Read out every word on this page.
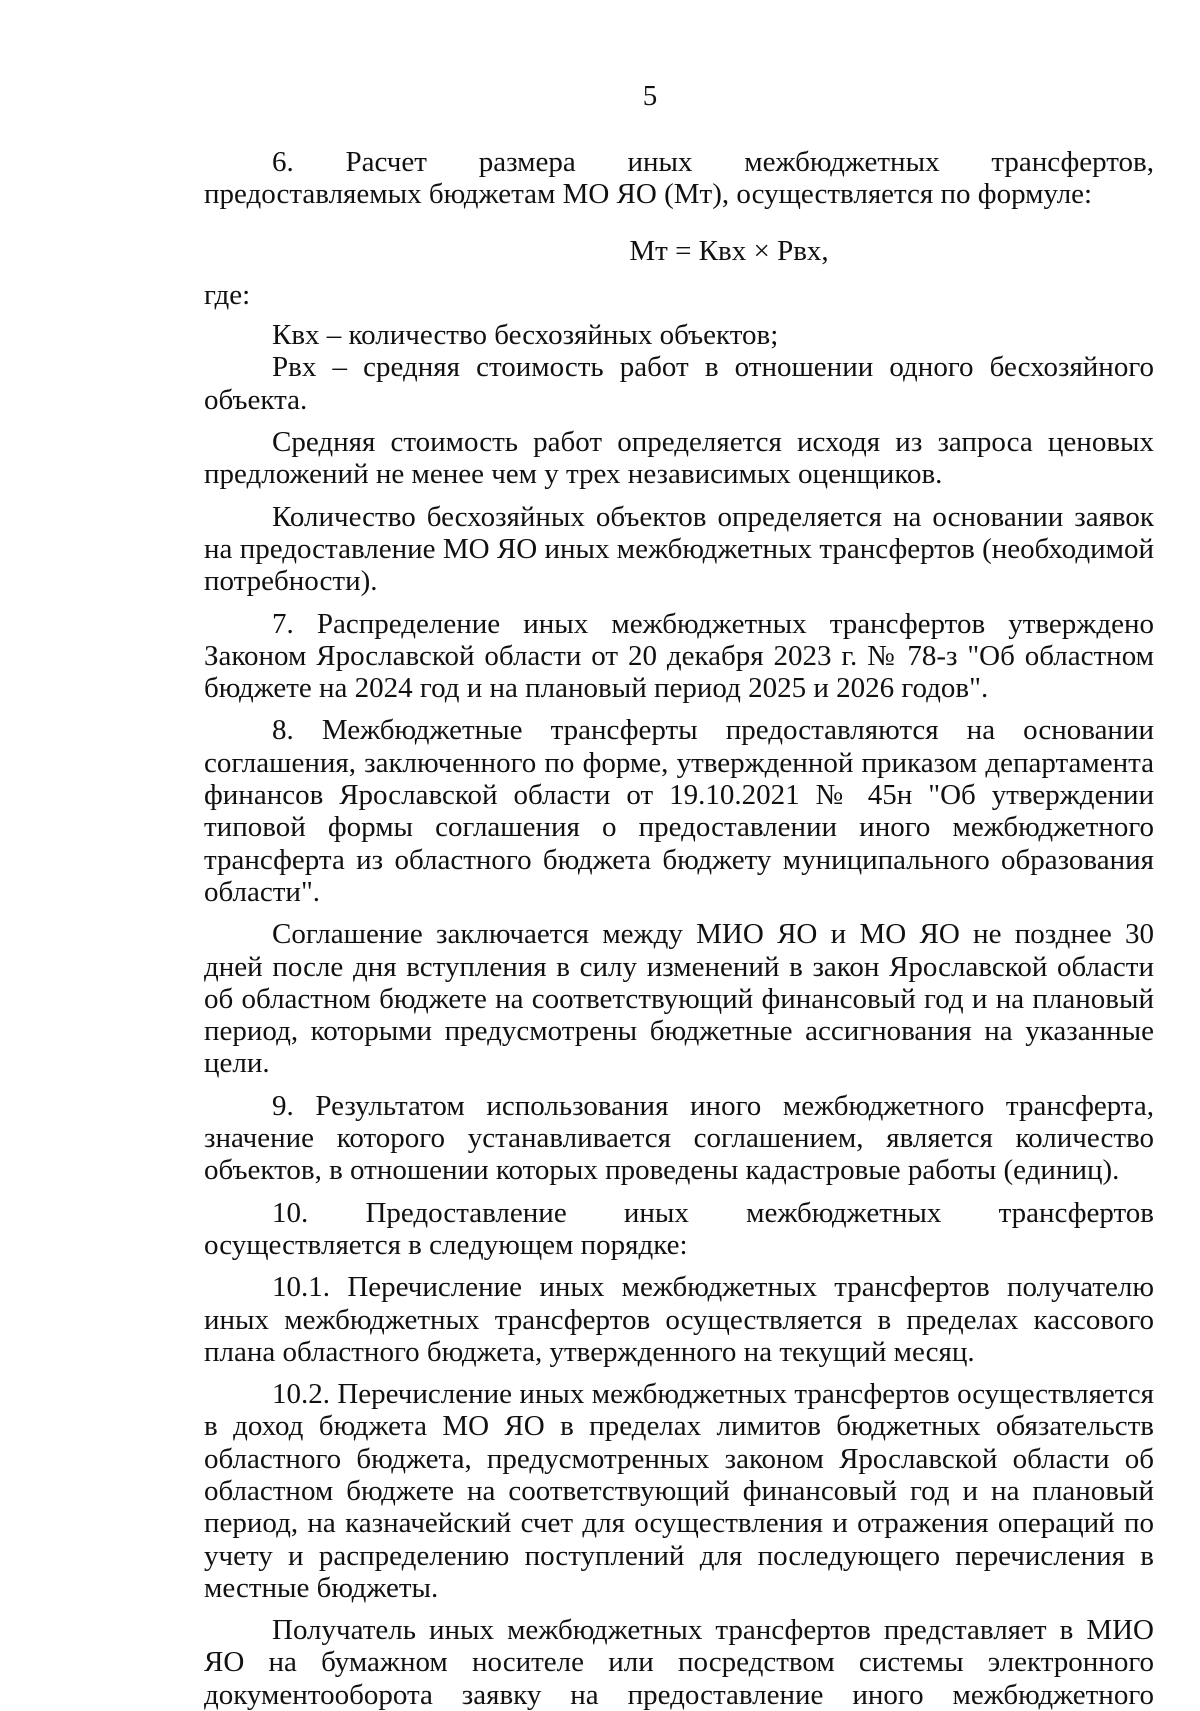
5

6. Расчет размера иных межбюджетных трансфертов, предоставляемых бюджетам МО ЯО (Мт), осуществляется по формуле:

Мт = Квх × Рвх,

где:

Квх – количество бесхозяйных объектов;

Рвх – средняя стоимость работ в отношении одного бесхозяйного объекта.

Средняя стоимость работ определяется исходя из запроса ценовых предложений не менее чем у трех независимых оценщиков.

Количество бесхозяйных объектов определяется на основании заявок на предоставление МО ЯО иных межбюджетных трансфертов (необходимой потребности).

7. Распределение иных межбюджетных трансфертов утверждено Законом Ярославской области от 20 декабря 2023 г. № 78-з "Об областном бюджете на 2024 год и на плановый период 2025 и 2026 годов".

8. Межбюджетные трансферты предоставляются на основании соглашения, заключенного по форме, утвержденной приказом департамента финансов Ярославской области от 19.10.2021 № 45н "Об утверждении типовой формы соглашения о предоставлении иного межбюджетного трансферта из областного бюджета бюджету муниципального образования области".

Соглашение заключается между МИО ЯО и МО ЯО не позднее 30 дней после дня вступления в силу изменений в закон Ярославской области об областном бюджете на соответствующий финансовый год и на плановый период, которыми предусмотрены бюджетные ассигнования на указанные цели.

9. Результатом использования иного межбюджетного трансферта, значение которого устанавливается соглашением, является количество объектов, в отношении которых проведены кадастровые работы (единиц).

10. Предоставление иных межбюджетных трансфертов осуществляется в следующем порядке:

10.1. Перечисление иных межбюджетных трансфертов получателю иных межбюджетных трансфертов осуществляется в пределах кассового плана областного бюджета, утвержденного на текущий месяц.

10.2. Перечисление иных межбюджетных трансфертов осуществляется в доход бюджета МО ЯО в пределах лимитов бюджетных обязательств областного бюджета, предусмотренных законом Ярославской области об областном бюджете на соответствующий финансовый год и на плановый период, на казначейский счет для осуществления и отражения операций по учету и распределению поступлений для последующего перечисления в местные бюджеты.

Получатель иных межбюджетных трансфертов представляет в МИО ЯО на бумажном носителе или посредством системы электронного документооборота заявку на предоставление иного межбюджетного
